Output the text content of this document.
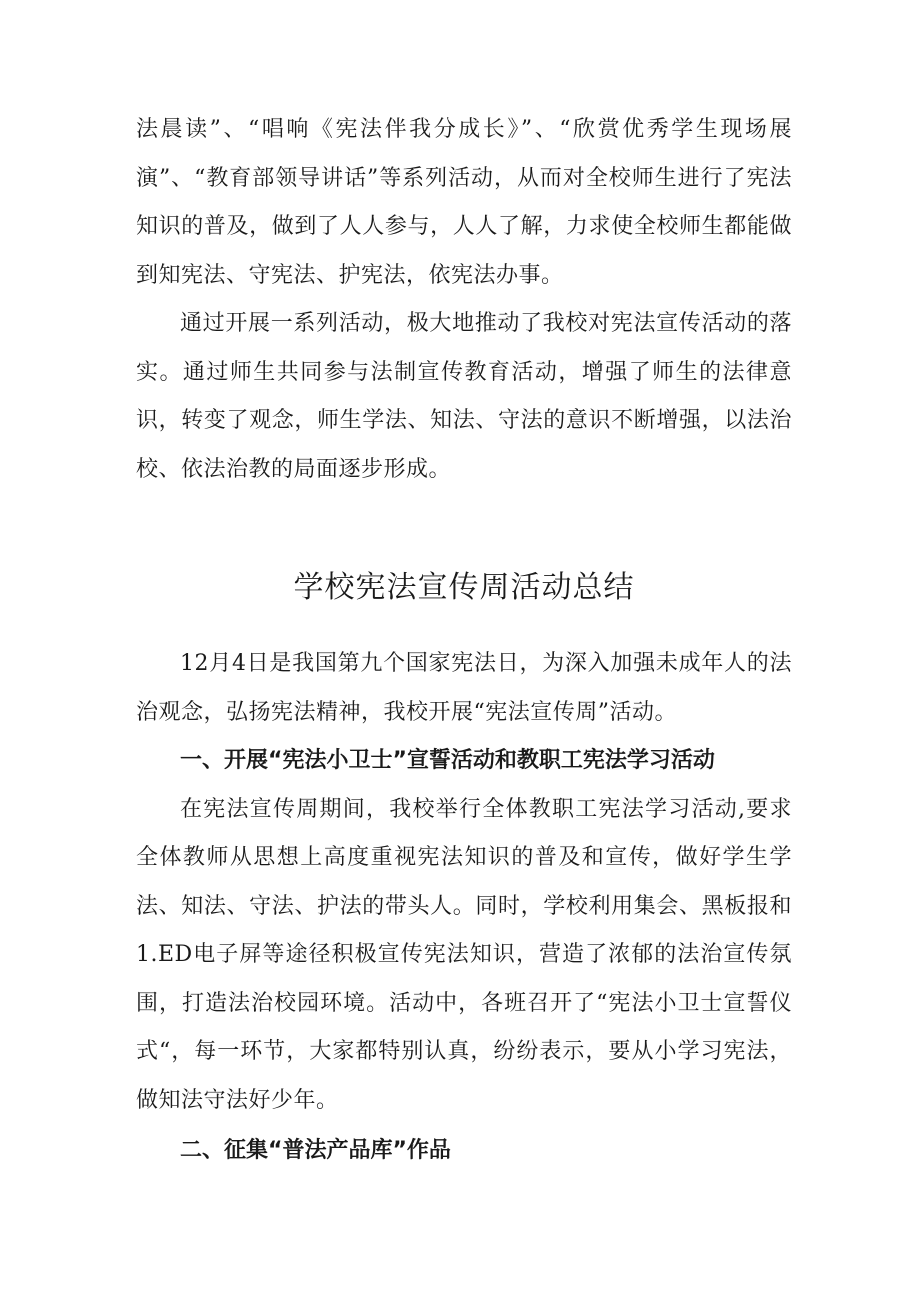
法晨读”、“唱响《宪法伴我分成长》”、“欣赏优秀学生现场展演”、“教育部领导讲话”等系列活动，从而对全校师生进行了宪法知识的普及，做到了人人参与，人人了解，力求使全校师生都能做到知宪法、守宪法、护宪法，依宪法办事。

通过开展一系列活动，极大地推动了我校对宪法宣传活动的落实。通过师生共同参与法制宣传教育活动，增强了师生的法律意识，转变了观念，师生学法、知法、守法的意识不断增强，以法治校、依法治教的局面逐步形成。

学校宪法宣传周活动总结

12月4日是我国第九个国家宪法日，为深入加强未成年人的法治观念，弘扬宪法精神，我校开展“宪法宣传周”活动。

一、开展“宪法小卫士”宣誓活动和教职工宪法学习活动

在宪法宣传周期间，我校举行全体教职工宪法学习活动,要求全体教师从思想上高度重视宪法知识的普及和宣传，做好学生学法、知法、守法、护法的带头人。同时，学校利用集会、黑板报和1.ED电子屏等途径积极宣传宪法知识，营造了浓郁的法治宣传氛围，打造法治校园环境。活动中，各班召开了“宪法小卫士宣誓仪式“，每一环节，大家都特别认真，纷纷表示，要从小学习宪法，做知法守法好少年。

二、征集“普法产品库”作品
